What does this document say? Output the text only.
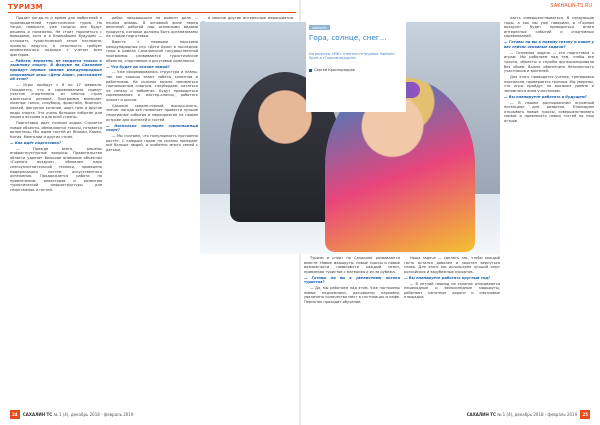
ТУРИЗМ	SAKHALIN-TS.RU

Придет когда-то и время для любителей и производителей туристических туров. Но тогда, поверьте, уже поздно: все будут решены и налажены. Не стоит торопиться с выводами, хотя и в ближайшем будущем — отложить туристический сезон несложно, проекты ведутся, а сезонность требует внимательного подхода с учетом всех факторов.

— Работа, вероятно, не сводится только к лыжному спорту. В форуме на Сахалине пройдут первые зимние международные спортивные игры «Дети Азии», расскажите об этом?

— Игры пройдут с 8 по 17 февраля. Ожидается, что в соревнованиях примут участие спортсмены из многих стран азиатского региона. Программа включает лыжные гонки, сноуборд, фристайл, биатлон, хоккей, фигурное катание, шорт-трек и другие виды спорта. Это очень большое событие для нашего острова и для всей страны.

Подготовка идет полным ходом. Строятся новые объекты, обновляются трассы, готовятся волонтеры. Мы ждем гостей из Японии, Кореи, Китая, Монголии и других стран.

— Как идёт подготовка?

— Прежде всего, решены инфраструктурные вопросы. Правительство области уделяет большое внимание объектам «Горного воздуха», обновлен парк снегоуплотнительной техники, проведена модернизация систем искусственного оснежения. Продолжается работа по привлечению инвесторов и развитию туристической инфраструктуры для спортсменов и гостей.

работ находящихся на момент дела — начала январь. В основной фазе перед весенней работой над основными видами продукта, которые должны быть организованы на стадии подготовки.

Вместе с первыми поисками международных игр «Дети Азии» в последние годы в рамках Сахалинской государственной программы развиваются туристические объекты, спортивные и досуговые комплексы.

— Что будет на склоне зимой?

— Уже сформировалась структура и планы, так как хорошо знают заботы клиентов и работников. На склонах можно заниматься горнолыжным спортом, сноубордом, кататься на санках и тюбингах. Будут проводиться соревнования и мастер-классы, работать прокат и школа.

Сахалин средне-горный, высоко-осень, значит погода всё позволяет провести лучшие спортивные события и мероприятия на нашем острове для жителей и гостей.

— Насколько популярен горнолыжный спорт?

— Мы считаем, что популярность постоянно растёт. С каждым годом на склоны приходит всё больше людей, и особенно много семей с детьми.

и многие другие интересные мероприятия.

sakhalin
Гора, солнце, снег...
На вопросы «ЕЖ» ответил сотрудник Sakhalin Sport в «Горном воздухе»
Сергей Краснорядцев

Туризм и спорт на Сахалине развиваются вместе. Новые маршруты, новые трассы и новые возможности появляются каждый сезон, привлекая туристов с материка и из-за рубежа.

— Готовы ли вы к увеличению потока туристов?

— Да, мы работаем над этим. Уже построены новые подъемники, расширены парковки, увеличено количество мест в гостиницах и кафе. Персонал проходит обучение.

Наша задача — сделать так, чтобы каждый гость остался доволен и захотел вернуться снова. Для этого мы используем лучший опыт российских и зарубежных курортов.

— Вы планируете работать круглый год?

— В летний период на склонах открываются пешеходные и велосипедные маршруты, работают канатные дороги и смотровые площадки.

насть совершенствоваться. В следующие годы, а как мы уже говорили, в «Горном воздухе» будет проводиться много интересных событий и спортивных соревнований.

— Готовы ли вы к новому сезону и какие у вас сейчас основные задачи?

— Основная задача — это подготовка к играм. Мы работаем над тем, чтобы все трассы, объекты и службы функционировали без сбоев. Важно обеспечить безопасность участников и зрителей.

Для этого проводятся учения, тренировки персонала, проверяется техника. Мы уверены, что игры пройдут на высоком уровне и запомнятся всем участникам.

— Вы планируете работать в будущем?

— В нашем распоряжении огромный потенциал для развития. Планируем открывать новые трассы, совершенствовать сервис и привлекать новых гостей на наш остров.

24 САХАЛИН ТС № 1 (4), декабрь 2018 - февраль 2019	САХАЛИН ТС № 1 (4), декабрь 2018 - февраль 2019 25
